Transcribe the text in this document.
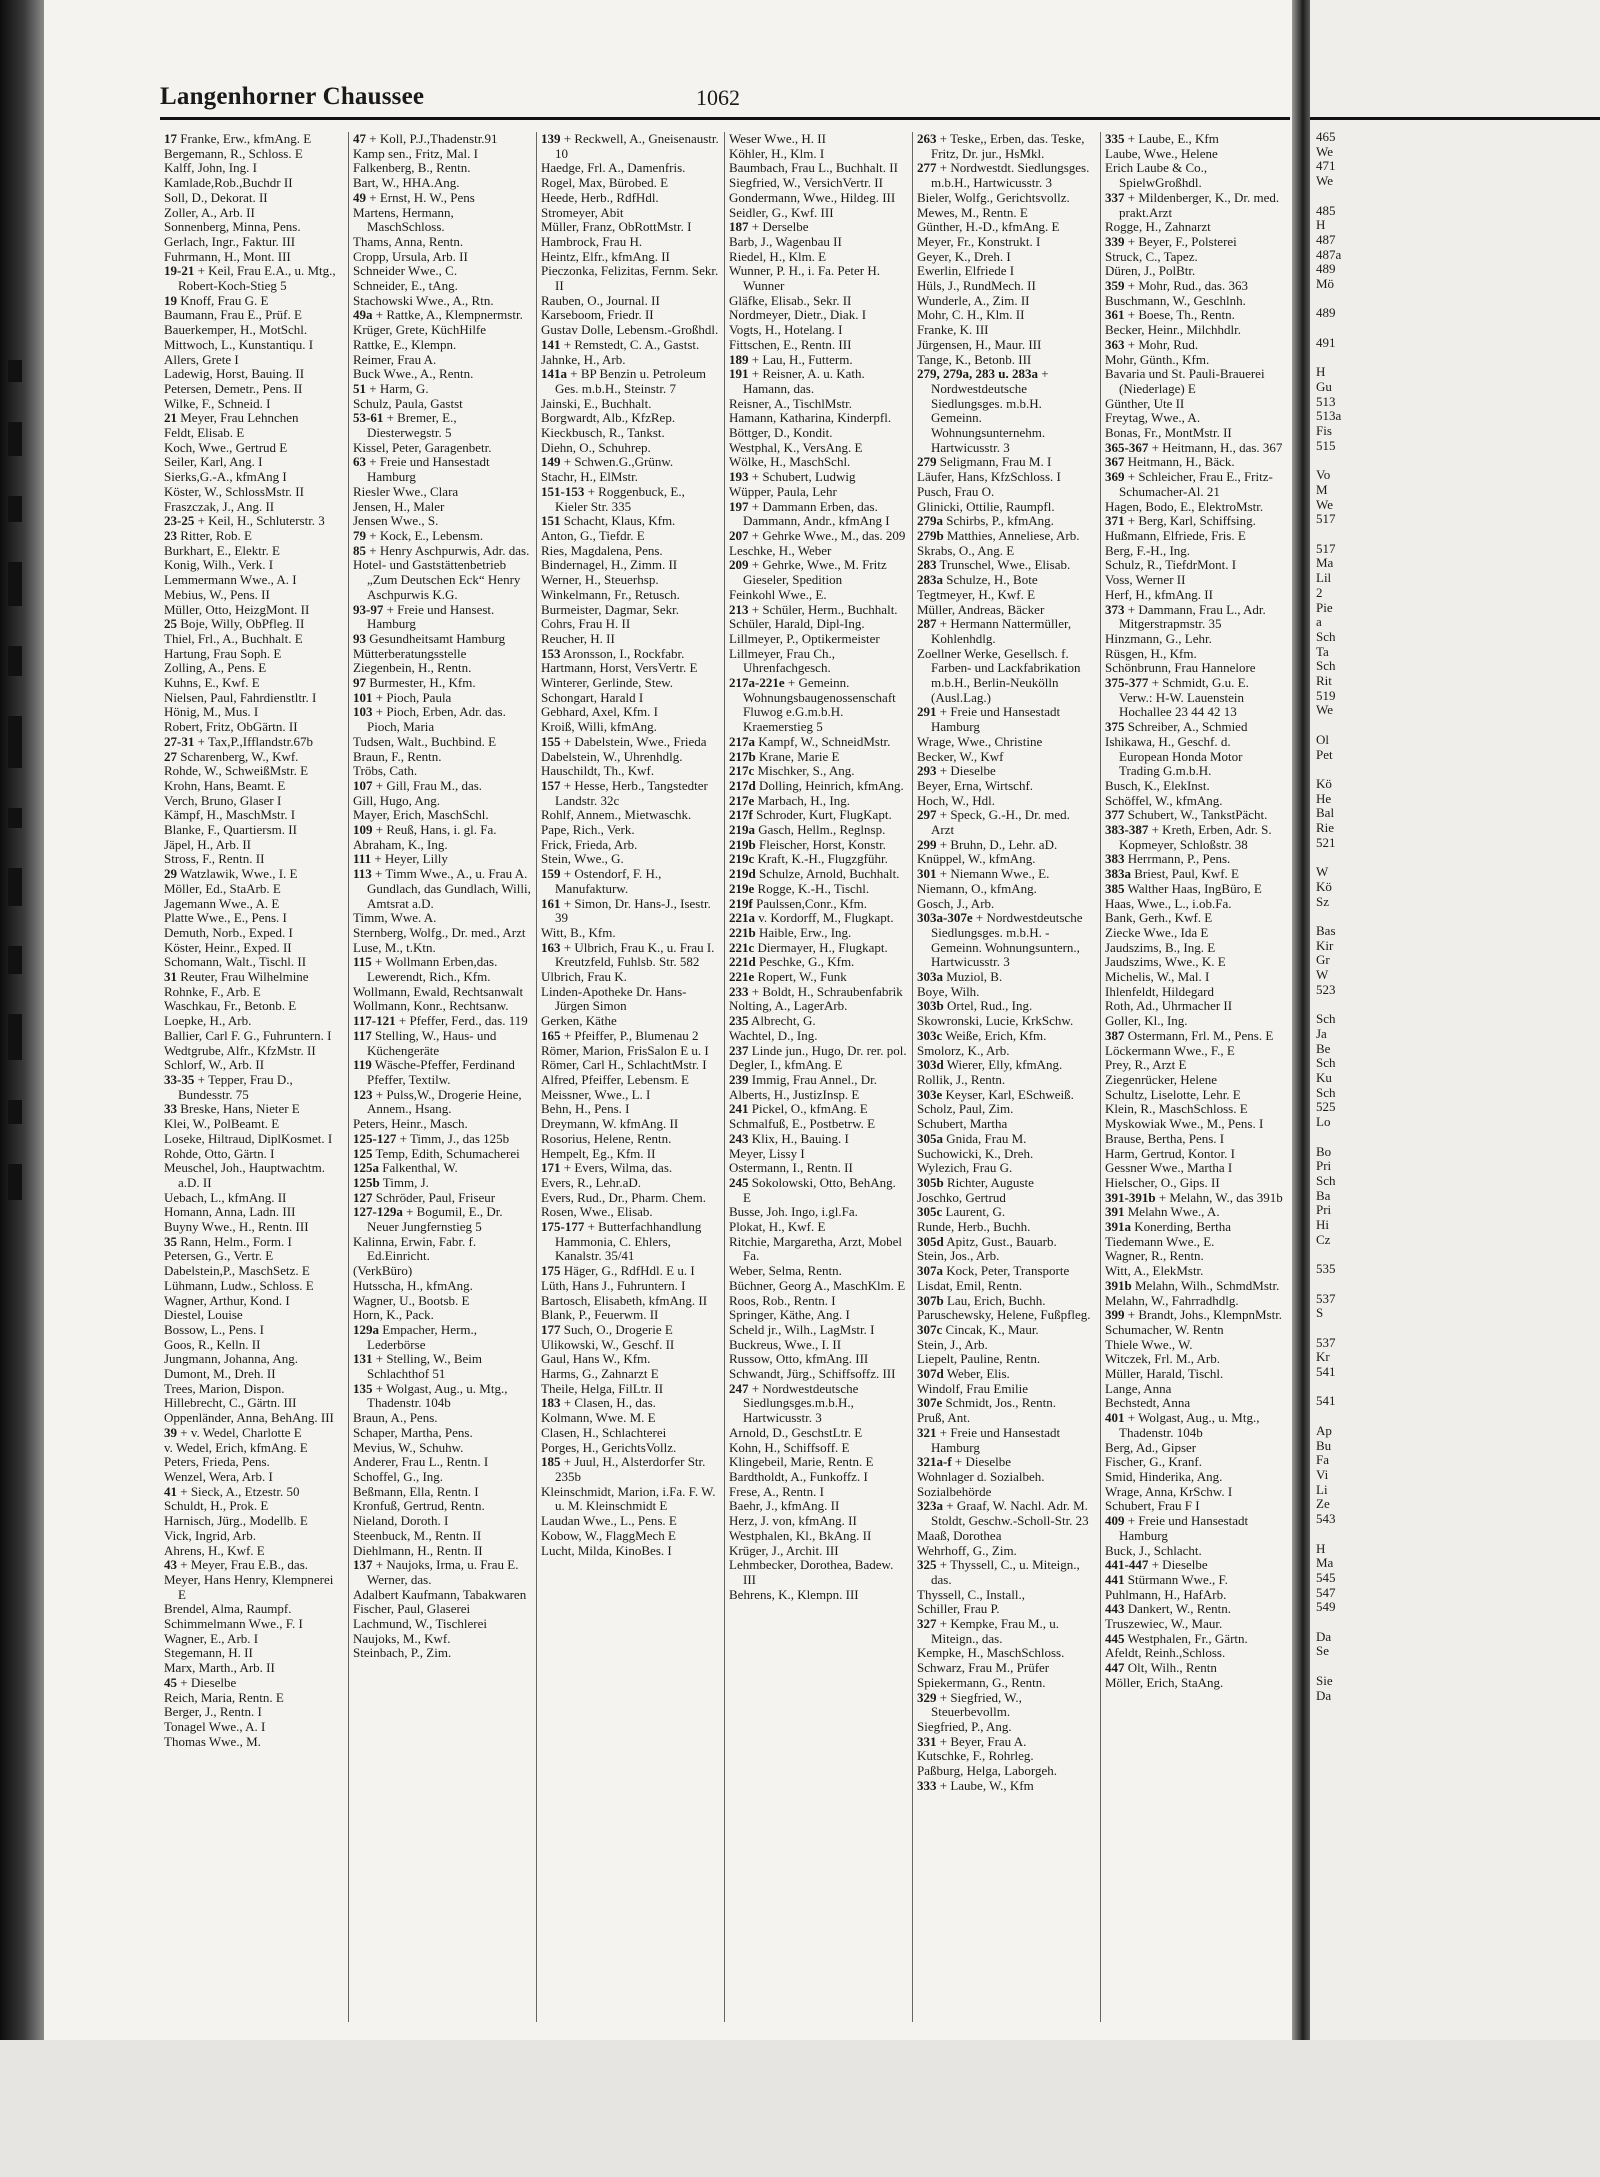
Langenhorner Chaussee	1062
17 Franke, Erw., kfmAng. E
Bergemann, R., Schloss. E
Kalff, John, Ing. I
Kamlade,Rob.,Buchdr II
Soll, D., Dekorat. II
Zoller, A., Arb. II
Sonnenberg, Minna, Pens.
Gerlach, Ingr., Faktur. III
Fuhrmann, H., Mont. III
19-21 + Keil, Frau E.A., u. Mtg., Robert-Koch-Stieg 5
19 Knoff, Frau G. E
Baumann, Frau E., Prüf. E
Bauerkemper, H., MotSchl.
Mittwoch, L., Kunstantiqu. I
Allers, Grete I
Ladewig, Horst, Bauing. II
Petersen, Demetr., Pens. II
Wilke, F., Schneid. I
21 Meyer, Frau Lehnchen
Feldt, Elisab. E
Koch, Wwe., Gertrud E
Seiler, Karl, Ang. I
Sierks,G.-A., kfmAng I
Köster, W., SchlossMstr. II
Fraszczak, J., Ang. II
23-25 + Keil, H., Schluterstr. 3
23 Ritter, Rob. E
Burkhart, E., Elektr. E
Konig, Wilh., Verk. I
Lemmermann Wwe., A. I
Mebius, W., Pens. II
Müller, Otto, HeizgMont. II
25 Boje, Willy, ObPfleg. II
Thiel, Frl., A., Buchhalt. E
Hartung, Frau Soph. E
Zolling, A., Pens. E
Kuhns, E., Kwf. E
Nielsen, Paul, Fahrdienstltr. I
Hönig, M., Mus. I
Robert, Fritz, ObGärtn. II
27-31 + Tax,P.,Ifflandstr.67b
27 Scharenberg, W., Kwf.
Rohde, W., SchweißMstr. E
Krohn, Hans, Beamt. E
Verch, Bruno, Glaser I
Kämpf, H., MaschMstr. I
Blanke, F., Quartiersm. II
Jäpel, H., Arb. II
Stross, F., Rentn. II
29 Watzlawik, Wwe., I. E
Möller, Ed., StaArb. E
Jagemann Wwe., A. E
Platte Wwe., E., Pens. I
Demuth, Norb., Exped. I
Köster, Heinr., Exped. II
Schomann, Walt., Tischl. II
31 Reuter, Frau Wilhelmine
Rohnke, F., Arb. E
Waschkau, Fr., Betonb. E
Loepke, H., Arb.
Ballier, Carl F. G., Fuhruntern. I
Wedtgrube, Alfr., KfzMstr. II
Schlorf, W., Arb. II
33-35 + Tepper, Frau D., Bundesstr. 75
33 Breske, Hans, Nieter E
Klei, W., PolBeamt. E
Loseke, Hiltraud, DiplKosmet. I
Rohde, Otto, Gärtn. I
Meuschel, Joh., Hauptwachtm. a.D. II
Uebach, L., kfmAng. II
Homann, Anna, Ladn. III
Buyny Wwe., H., Rentn. III
35 Rann, Helm., Form. I
Petersen, G., Vertr. E
Dabelstein,P., MaschSetz. E
Lühmann, Ludw., Schloss. E
Wagner, Arthur, Kond. I
Diestel, Louise
Bossow, L., Pens. I
Goos, R., Kelln. II
Jungmann, Johanna, Ang.
Dumont, M., Dreh. II
Trees, Marion, Dispon.
Hillebrecht, C., Gärtn. III
Oppenländer, Anna, BehAng. III
39 + v. Wedel, Charlotte E
v. Wedel, Erich, kfmAng. E
Peters, Frieda, Pens.
Wenzel, Wera, Arb. I
41 + Sieck, A., Etzestr. 50
Schuldt, H., Prok. E
Harnisch, Jürg., Modellb. E
Vick, Ingrid, Arb.
Ahrens, H., Kwf. E
43 + Meyer, Frau E.B., das.
Meyer, Hans Henry, Klempnerei E
Brendel, Alma, Raumpf.
Schimmelmann Wwe., F. I
Wagner, E., Arb. I
Stegemann, H. II
Marx, Marth., Arb. II
45 + Dieselbe
Reich, Maria, Rentn. E
Berger, J., Rentn. I
Tonagel Wwe., A. I
Thomas Wwe., M.
47 + Koll, P.J.,Thadenstr.91
Kamp sen., Fritz, Mal. I
Falkenberg, B., Rentn.
Bart, W., HHA.Ang.
49 + Ernst, H. W., Pens
Martens, Hermann, MaschSchloss.
Thams, Anna, Rentn.
Cropp, Ursula, Arb. II
Schneider Wwe., C.
Schneider, E., tAng.
Stachowski Wwe., A., Rtn.
49a + Rattke, A., Klempnermstr.
Krüger, Grete, KüchHilfe
Rattke, E., Klempn.
Reimer, Frau A.
Buck Wwe., A., Rentn.
51 + Harm, G.
Schulz, Paula, Gastst
53-61 + Bremer, E., Diesterwegstr. 5
Kissel, Peter, Garagenbetr.
63 + Freie und Hansestadt Hamburg
Riesler Wwe., Clara
Jensen, H., Maler
Jensen Wwe., S.
79 + Kock, E., Lebensm.
85 + Henry Aschpurwis, Adr. das.
Hotel- und Gaststättenbetrieb „Zum Deutschen Eck“ Henry Aschpurwis K.G.
93-97 + Freie und Hansest. Hamburg
93 Gesundheitsamt Hamburg
Mütterberatungsstelle
Ziegenbein, H., Rentn.
97 Burmester, H., Kfm.
101 + Pioch, Paula
103 + Pioch, Erben, Adr. das. Pioch, Maria
Tudsen, Walt., Buchbind. E
Braun, F., Rentn.
Tröbs, Cath.
107 + Gill, Frau M., das.
Gill, Hugo, Ang.
Mayer, Erich, MaschSchl.
109 + Reuß, Hans, i. gl. Fa.
Abraham, K., Ing.
111 + Heyer, Lilly
113 + Timm Wwe., A., u. Frau A. Gundlach, das Gundlach, Willi, Amtsrat a.D.
Timm, Wwe. A.
Sternberg, Wolfg., Dr. med., Arzt
Luse, M., t.Ktn.
115 + Wollmann Erben,das. Lewerendt, Rich., Kfm.
Wollmann, Ewald, Rechtsanwalt
Wollmann, Konr., Rechtsanw.
117-121 + Pfeffer, Ferd., das. 119
117 Stelling, W., Haus- und Küchengeräte
119 Wäsche-Pfeffer, Ferdinand Pfeffer, Textilw.
123 + Pulss,W., Drogerie Heine, Annem., Hsang.
Peters, Heinr., Masch.
125-127 + Timm, J., das 125b
125 Temp, Edith, Schumacherei
125a Falkenthal, W.
125b Timm, J.
127 Schröder, Paul, Friseur
127-129a + Bogumil, E., Dr. Neuer Jungfernstieg 5
Kalinna, Erwin, Fabr. f. Ed.Einricht.
(VerkBüro)
Hutsscha, H., kfmAng.
Wagner, U., Bootsb. E
Horn, K., Pack.
129a Empacher, Herm., Lederbörse
131 + Stelling, W., Beim Schlachthof 51
135 + Wolgast, Aug., u. Mtg., Thadenstr. 104b
Braun, A., Pens.
Schaper, Martha, Pens.
Mevius, W., Schuhw.
Anderer, Frau L., Rentn. I
Schoffel, G., Ing.
Beßmann, Ella, Rentn. I
Kronfuß, Gertrud, Rentn.
Nieland, Doroth. I
Steenbuck, M., Rentn. II
Diehlmann, H., Rentn. II
137 + Naujoks, Irma, u. Frau E. Werner, das.
Adalbert Kaufmann, Tabakwaren
Fischer, Paul, Glaserei
Lachmund, W., Tischlerei
Naujoks, M., Kwf.
Steinbach, P., Zim.
139 + Reckwell, A., Gneisenaustr. 10
Haedge, Frl. A., Damenfris.
Rogel, Max, Bürobed. E
Heede, Herb., RdfHdl.
Stromeyer, Abit
Müller, Franz, ObRottMstr. I
Hambrock, Frau H.
Heintz, Elfr., kfmAng. II
Pieczonka, Felizitas, Fernm. Sekr. II
Rauben, O., Journal. II
Karseboom, Friedr. II
Gustav Dolle, Lebensm.-Großhdl.
141 + Remstedt, C. A., Gastst.
Jahnke, H., Arb.
141a + BP Benzin u. Petroleum Ges. m.b.H., Steinstr. 7
Jainski, E., Buchhalt.
Borgwardt, Alb., KfzRep.
Kieckbusch, R., Tankst.
Diehn, O., Schuhrep.
149 + Schwen.G.,Grünw.
Stachr, H., ElMstr.
151-153 + Roggenbuck, E., Kieler Str. 335
151 Schacht, Klaus, Kfm.
Anton, G., Tiefdr. E
Ries, Magdalena, Pens.
Bindernagel, H., Zimm. II
Werner, H., Steuerhsp.
Winkelmann, Fr., Retusch.
Burmeister, Dagmar, Sekr.
Cohrs, Frau H. II
Reucher, H. II
153 Aronsson, I., Rockfabr.
Hartmann, Horst, VersVertr. E
Winterer, Gerlinde, Stew.
Schongart, Harald I
Gebhard, Axel, Kfm. I
Kroiß, Willi, kfmAng.
155 + Dabelstein, Wwe., Frieda
Dabelstein, W., Uhrenhdlg.
Hauschildt, Th., Kwf.
157 + Hesse, Herb., Tangstedter Landstr. 32c
Rohlf, Annem., Mietwaschk.
Pape, Rich., Verk.
Frick, Frieda, Arb.
Stein, Wwe., G.
159 + Ostendorf, F. H., Manufakturw.
161 + Simon, Dr. Hans-J., Isestr. 39
Witt, B., Kfm.
163 + Ulbrich, Frau K., u. Frau I. Kreutzfeld, Fuhlsb. Str. 582
Ulbrich, Frau K.
Linden-Apotheke Dr. Hans-Jürgen Simon
Gerken, Käthe
165 + Pfeiffer, P., Blumenau 2
Römer, Marion, FrisSalon E u. I
Römer, Carl H., SchlachtMstr. I
Alfred, Pfeiffer, Lebensm. E
Meissner, Wwe., L. I
Behn, H., Pens. I
Dreymann, W. kfmAng. II
Rosorius, Helene, Rentn.
Hempelt, Eg., Kfm. II
171 + Evers, Wilma, das.
Evers, R., Lehr.aD.
Evers, Rud., Dr., Pharm. Chem.
Rosen, Wwe., Elisab.
175-177 + Butterfachhandlung Hammonia, C. Ehlers, Kanalstr. 35/41
175 Häger, G., RdfHdl. E u. I
Lüth, Hans J., Fuhruntern. I
Bartosch, Elisabeth, kfmAng. II
Blank, P., Feuerwm. II
177 Such, O., Drogerie E
Ulikowski, W., Geschf. II
Gaul, Hans W., Kfm.
Harms, G., Zahnarzt E
Theile, Helga, FilLtr. II
183 + Clasen, H., das.
Kolmann, Wwe. M. E
Clasen, H., Schlachterei
Porges, H., GerichtsVollz.
185 + Juul, H., Alsterdorfer Str. 235b
Kleinschmidt, Marion, i.Fa. F. W. u. M. Kleinschmidt E
Laudan Wwe., L., Pens. E
Kobow, W., FlaggMech E
Lucht, Milda, KinoBes. I
Weser Wwe., H. II
Köhler, H., Klm. I
Baumbach, Frau L., Buchhalt. II
Siegfried, W., VersichVertr. II
Gondermann, Wwe., Hildeg. III
Seidler, G., Kwf. III
187 + Derselbe
Barb, J., Wagenbau II
Riedel, H., Klm. E
Wunner, P. H., i. Fa. Peter H. Wunner
Gläfke, Elisab., Sekr. II
Nordmeyer, Dietr., Diak. I
Vogts, H., Hotelang. I
Fittschen, E., Rentn. III
189 + Lau, H., Futterm.
191 + Reisner, A. u. Kath. Hamann, das.
Reisner, A., TischlMstr.
Hamann, Katharina, Kinderpfl.
Böttger, D., Kondit.
Westphal, K., VersAng. E
Wölke, H., MaschSchl.
193 + Schubert, Ludwig
Wüpper, Paula, Lehr
197 + Dammann Erben, das. Dammann, Andr., kfmAng I
207 + Gehrke Wwe., M., das. 209
Leschke, H., Weber
209 + Gehrke, Wwe., M. Fritz Gieseler, Spedition
Feinkohl Wwe., E.
213 + Schüler, Herm., Buchhalt.
Schüler, Harald, Dipl-Ing.
Lillmeyer, P., Optikermeister
Lillmeyer, Frau Ch., Uhrenfachgesch.
217a-221e + Gemeinn. Wohnungsbaugenossenschaft Fluwog e.G.m.b.H. Kraemerstieg 5
217a Kampf, W., SchneidMstr.
217b Krane, Marie E
217c Mischker, S., Ang.
217d Dolling, Heinrich, kfmAng.
217e Marbach, H., Ing.
217f Schroder, Kurt, FlugKapt.
219a Gasch, Hellm., Reglnsp.
219b Fleischer, Horst, Konstr.
219c Kraft, K.-H., Flugzgführ.
219d Schulze, Arnold, Buchhalt.
219e Rogge, K.-H., Tischl.
219f Paulssen,Conr., Kfm.
221a v. Kordorff, M., Flugkapt.
221b Haible, Erw., Ing.
221c Diermayer, H., Flugkapt.
221d Peschke, G., Kfm.
221e Ropert, W., Funk
233 + Boldt, H., Schraubenfabrik
Nolting, A., LagerArb.
235 Albrecht, G.
Wachtel, D., Ing.
237 Linde jun., Hugo, Dr. rer. pol.
Degler, I., kfmAng. E
239 Immig, Frau Annel., Dr.
Alberts, H., JustizInsp. E
241 Pickel, O., kfmAng. E
Schmalfuß, E., Postbetrw. E
243 Klix, H., Bauing. I
Meyer, Lissy I
Ostermann, I., Rentn. II
245 Sokolowski, Otto, BehAng. E
Busse, Joh. Ingo, i.gl.Fa.
Plokat, H., Kwf. E
Ritchie, Margaretha, Arzt, Mobel Fa.
Weber, Selma, Rentn.
Büchner, Georg A., MaschKlm. E
Roos, Rob., Rentn. I
Springer, Käthe, Ang. I
Scheld jr., Wilh., LagMstr. I
Buckreus, Wwe., I. II
Russow, Otto, kfmAng. III
Schwandt, Jürg., Schiffsoffz. III
247 + Nordwestdeutsche Siedlungsges.m.b.H., Hartwicusstr. 3
Arnold, D., GeschstLtr. E
Kohn, H., Schiffsoff. E
Klingebeil, Marie, Rentn. E
Bardtholdt, A., Funkoffz. I
Frese, A., Rentn. I
Baehr, J., kfmAng. II
Herz, J. von, kfmAng. II
Westphalen, Kl., BkAng. II
Krüger, J., Archit. III
Lehmbecker, Dorothea, Badew. III
Behrens, K., Klempn. III
263 + Teske,, Erben, das. Teske, Fritz, Dr. jur., HsMkl.
277 + Nordwestdt. Siedlungsges. m.b.H., Hartwicusstr. 3
Bieler, Wolfg., Gerichtsvollz.
Mewes, M., Rentn. E
Günther, H.-D., kfmAng. E
Meyer, Fr., Konstrukt. I
Geyer, K., Dreh. I
Ewerlin, Elfriede I
Hüls, J., RundMech. II
Wunderle, A., Zim. II
Mohr, C. H., Klm. II
Franke, K. III
Jürgensen, H., Maur. III
Tange, K., Betonb. III
279, 279a, 283 u. 283a + Nordwestdeutsche Siedlungsges. m.b.H. Gemeinn. Wohnungsunternehm. Hartwicusstr. 3
279 Seligmann, Frau M. I
Läufer, Hans, KfzSchloss. I
Pusch, Frau O.
Glinicki, Ottilie, Raumpfl.
279a Schirbs, P., kfmAng.
279b Matthies, Anneliese, Arb.
Skrabs, O., Ang. E
283 Trunschel, Wwe., Elisab.
283a Schulze, H., Bote
Tegtmeyer, H., Kwf. E
Müller, Andreas, Bäcker
287 + Hermann Nattermüller, Kohlenhdlg.
Zoellner Werke, Gesellsch. f. Farben- und Lackfabrikation m.b.H., Berlin-Neukölln (Ausl.Lag.)
291 + Freie und Hansestadt Hamburg
Wrage, Wwe., Christine
Becker, W., Kwf
293 + Dieselbe
Beyer, Erna, Wirtschf.
Hoch, W., Hdl.
297 + Speck, G.-H., Dr. med. Arzt
299 + Bruhn, D., Lehr. aD.
Knüppel, W., kfmAng.
301 + Niemann Wwe., E.
Niemann, O., kfmAng.
Gosch, J., Arb.
303a-307e + Nordwestdeutsche Siedlungsges. m.b.H. - Gemeinn. Wohnungsuntern., Hartwicusstr. 3
303a Muziol, B.
Boye, Wilh.
303b Ortel, Rud., Ing.
Skowronski, Lucie, KrkSchw.
303c Weiße, Erich, Kfm.
Smolorz, K., Arb.
303d Wierer, Elly, kfmAng.
Rollik, J., Rentn.
303e Keyser, Karl, ESchweiß.
Scholz, Paul, Zim.
Schubert, Martha
305a Gnida, Frau M.
Suchowicki, K., Dreh.
Wylezich, Frau G.
305b Richter, Auguste
Joschko, Gertrud
305c Laurent, G.
Runde, Herb., Buchh.
305d Apitz, Gust., Bauarb.
Stein, Jos., Arb.
307a Kock, Peter, Transporte
Lisdat, Emil, Rentn.
307b Lau, Erich, Buchh.
Paruschewsky, Helene, Fußpfleg.
307c Cincak, K., Maur.
Stein, J., Arb.
Liepelt, Pauline, Rentn.
307d Weber, Elis.
Windolf, Frau Emilie
307e Schmidt, Jos., Rentn.
Pruß, Ant.
321 + Freie und Hansestadt Hamburg
321a-f + Dieselbe
Wohnlager d. Sozialbeh.
Sozialbehörde
323a + Graaf, W. Nachl. Adr. M. Stoldt, Geschw.-Scholl-Str. 23
Maaß, Dorothea
Wehrhoff, G., Zim.
325 + Thyssell, C., u. Miteign., das.
Thyssell, C., Install.,
Schiller, Frau P.
327 + Kempke, Frau M., u. Miteign., das.
Kempke, H., MaschSchloss.
Schwarz, Frau M., Prüfer
Spiekermann, G., Rentn.
329 + Siegfried, W., Steuerbevollm.
Siegfried, P., Ang.
331 + Beyer, Frau A.
Kutschke, F., Rohrleg.
Paßburg, Helga, Laborgeh.
333 + Laube, W., Kfm
335 + Laube, E., Kfm
Laube, Wwe., Helene
Erich Laube & Co., SpielwGroßhdl.
337 + Mildenberger, K., Dr. med. prakt.Arzt
Rogge, H., Zahnarzt
339 + Beyer, F., Polsterei
Struck, C., Tapez.
Düren, J., PolBtr.
359 + Mohr, Rud., das. 363
Buschmann, W., Geschlnh.
361 + Boese, Th., Rentn.
Becker, Heinr., Milchhdlr.
363 + Mohr, Rud.
Mohr, Günth., Kfm.
Bavaria und St. Pauli-Brauerei (Niederlage) E
Günther, Ute II
Freytag, Wwe., A.
Bonas, Fr., MontMstr. II
365-367 + Heitmann, H., das. 367
367 Heitmann, H., Bäck.
369 + Schleicher, Frau E., Fritz-Schumacher-Al. 21
Hagen, Bodo, E., ElektroMstr.
371 + Berg, Karl, Schiffsing.
Hußmann, Elfriede, Fris. E
Berg, F.-H., Ing.
Schulz, R., TiefdrMont. I
Voss, Werner II
Herf, H., kfmAng. II
373 + Dammann, Frau L., Adr. Mitgerstrapmstr. 35
Hinzmann, G., Lehr.
Rüsgen, H., Kfm.
Schönbrunn, Frau Hannelore
375-377 + Schmidt, G.u. E. Verw.: H-W. Lauenstein Hochallee 23 44 42 13
375 Schreiber, A., Schmied
Ishikawa, H., Geschf. d. European Honda Motor Trading G.m.b.H.
Busch, K., ElekInst.
Schöffel, W., kfmAng.
377 Schubert, W., TankstPächt.
383-387 + Kreth, Erben, Adr. S. Kopmeyer, Schloßstr. 38
383 Herrmann, P., Pens.
383a Briest, Paul, Kwf. E
385 Walther Haas, IngBüro, E
Haas, Wwe., L., i.ob.Fa.
Bank, Gerh., Kwf. E
Ziecke Wwe., Ida E
Jaudszims, B., Ing. E
Jaudszims, Wwe., K. E
Michelis, W., Mal. I
Ihlenfeldt, Hildegard
Roth, Ad., Uhrmacher II
Goller, Kl., Ing.
387 Ostermann, Frl. M., Pens. E
Löckermann Wwe., F., E
Prey, R., Arzt E
Ziegenrücker, Helene
Schultz, Liselotte, Lehr. E
Klein, R., MaschSchloss. E
Myskowiak Wwe., M., Pens. I
Brause, Bertha, Pens. I
Harm, Gertrud, Kontor. I
Gessner Wwe., Martha I
Hielscher, O., Gips. II
391-391b + Melahn, W., das 391b
391 Melahn Wwe., A.
391a Konerding, Bertha
Tiedemann Wwe., E.
Wagner, R., Rentn.
Witt, A., ElekMstr.
391b Melahn, Wilh., SchmdMstr.
Melahn, W., Fahrradhdlg.
399 + Brandt, Johs., KlempnMstr.
Schumacher, W. Rentn
Thiele Wwe., W.
Witczek, Frl. M., Arb.
Müller, Harald, Tischl.
Lange, Anna
Bechstedt, Anna
401 + Wolgast, Aug., u. Mtg., Thadenstr. 104b
Berg, Ad., Gipser
Fischer, G., Kranf.
Smid, Hinderika, Ang.
Wrage, Anna, KrSchw. I
Schubert, Frau F I
409 + Freie und Hansestadt Hamburg
Buck, J., Schlacht.
441-447 + Dieselbe
441 Stürmann Wwe., F.
Puhlmann, H., HafArb.
443 Dankert, W., Rentn.
Truszewiec, W., Maur.
445 Westphalen, Fr., Gärtn.
Afeldt, Reinh.,Schloss.
447 Olt, Wilh., Rentn
Möller, Erich, StaAng.
465
We
471
We

485
H
487
487a
489
Mö

489

491

H
Gu
513
513a
Fis
515

Vo
M
We
517

517
Ma
Lil
2
Pie
a
Sch
Ta
Sch
Rit
519
We

Ol
Pet

Kö
He
Bal
Rie
521

W
Kö
Sz

Bas
Kir
Gr
W
523

Sch
Ja
Be
Sch
Ku
Sch
525
Lo

Bo
Pri
Sch
Ba
Pri
Hi
Cz

535

537
S

537
Kr
541

541

Ap
Bu
Fa
Vi
Li
Ze
543

H
Ma
545
547
549

Da
Se

Sie
Da
